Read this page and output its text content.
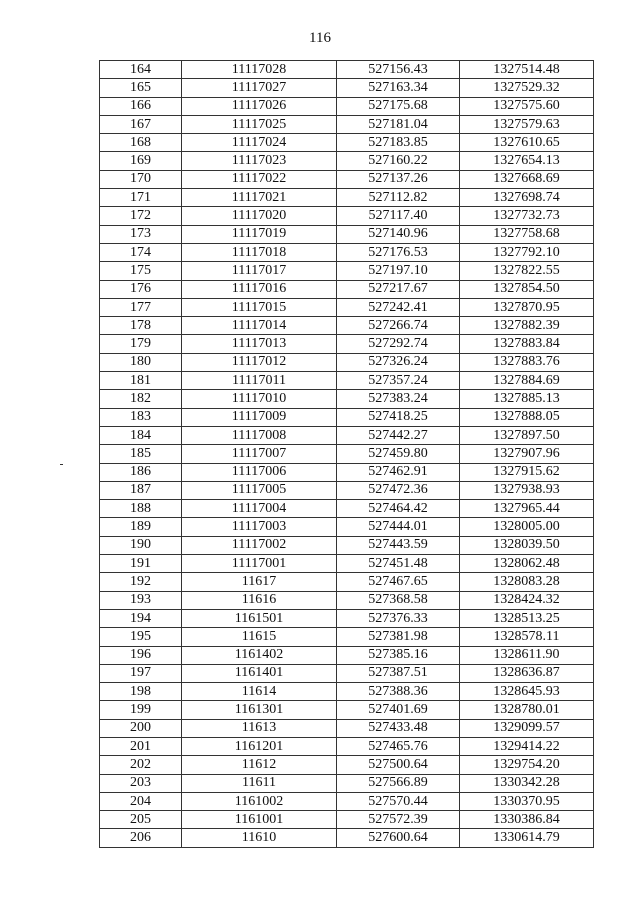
116
164	11117028	527156.43	1327514.48
165	11117027	527163.34	1327529.32
166	11117026	527175.68	1327575.60
167	11117025	527181.04	1327579.63
168	11117024	527183.85	1327610.65
169	11117023	527160.22	1327654.13
170	11117022	527137.26	1327668.69
171	11117021	527112.82	1327698.74
172	11117020	527117.40	1327732.73
173	11117019	527140.96	1327758.68
174	11117018	527176.53	1327792.10
175	11117017	527197.10	1327822.55
176	11117016	527217.67	1327854.50
177	11117015	527242.41	1327870.95
178	11117014	527266.74	1327882.39
179	11117013	527292.74	1327883.84
180	11117012	527326.24	1327883.76
181	11117011	527357.24	1327884.69
182	11117010	527383.24	1327885.13
183	11117009	527418.25	1327888.05
184	11117008	527442.27	1327897.50
185	11117007	527459.80	1327907.96
186	11117006	527462.91	1327915.62
187	11117005	527472.36	1327938.93
188	11117004	527464.42	1327965.44
189	11117003	527444.01	1328005.00
190	11117002	527443.59	1328039.50
191	11117001	527451.48	1328062.48
192	11617	527467.65	1328083.28
193	11616	527368.58	1328424.32
194	1161501	527376.33	1328513.25
195	11615	527381.98	1328578.11
196	1161402	527385.16	1328611.90
197	1161401	527387.51	1328636.87
198	11614	527388.36	1328645.93
199	1161301	527401.69	1328780.01
200	11613	527433.48	1329099.57
201	1161201	527465.76	1329414.22
202	11612	527500.64	1329754.20
203	11611	527566.89	1330342.28
204	1161002	527570.44	1330370.95
205	1161001	527572.39	1330386.84
206	11610	527600.64	1330614.79
